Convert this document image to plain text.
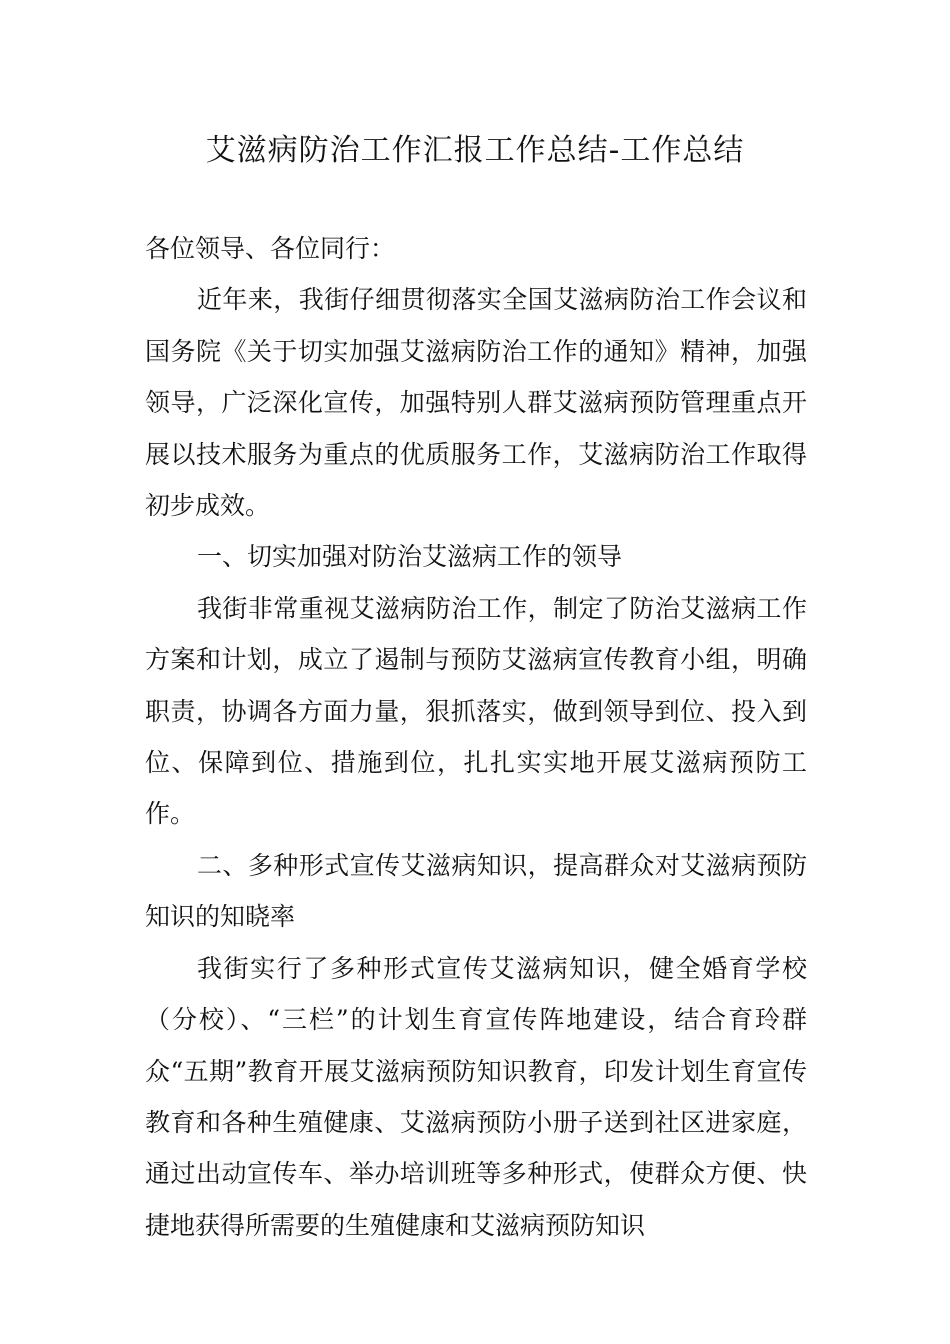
艾滋病防治工作汇报工作总结-工作总结

各位领导、各位同行：

近年来，我街仔细贯彻落实全国艾滋病防治工作会议和国务院《关于切实加强艾滋病防治工作的通知》精神，加强领导，广泛深化宣传，加强特别人群艾滋病预防管理重点开展以技术服务为重点的优质服务工作，艾滋病防治工作取得初步成效。

一、切实加强对防治艾滋病工作的领导

我街非常重视艾滋病防治工作，制定了防治艾滋病工作方案和计划，成立了遏制与预防艾滋病宣传教育小组，明确职责，协调各方面力量，狠抓落实，做到领导到位、投入到位、保障到位、措施到位，扎扎实实地开展艾滋病预防工作。

二、多种形式宣传艾滋病知识，提高群众对艾滋病预防知识的知晓率

我街实行了多种形式宣传艾滋病知识，健全婚育学校（分校）、“三栏”的计划生育宣传阵地建设，结合育玲群众“五期”教育开展艾滋病预防知识教育，印发计划生育宣传教育和各种生殖健康、艾滋病预防小册子送到社区进家庭，通过出动宣传车、举办培训班等多种形式，使群众方便、快捷地获得所需要的生殖健康和艾滋病预防知识
